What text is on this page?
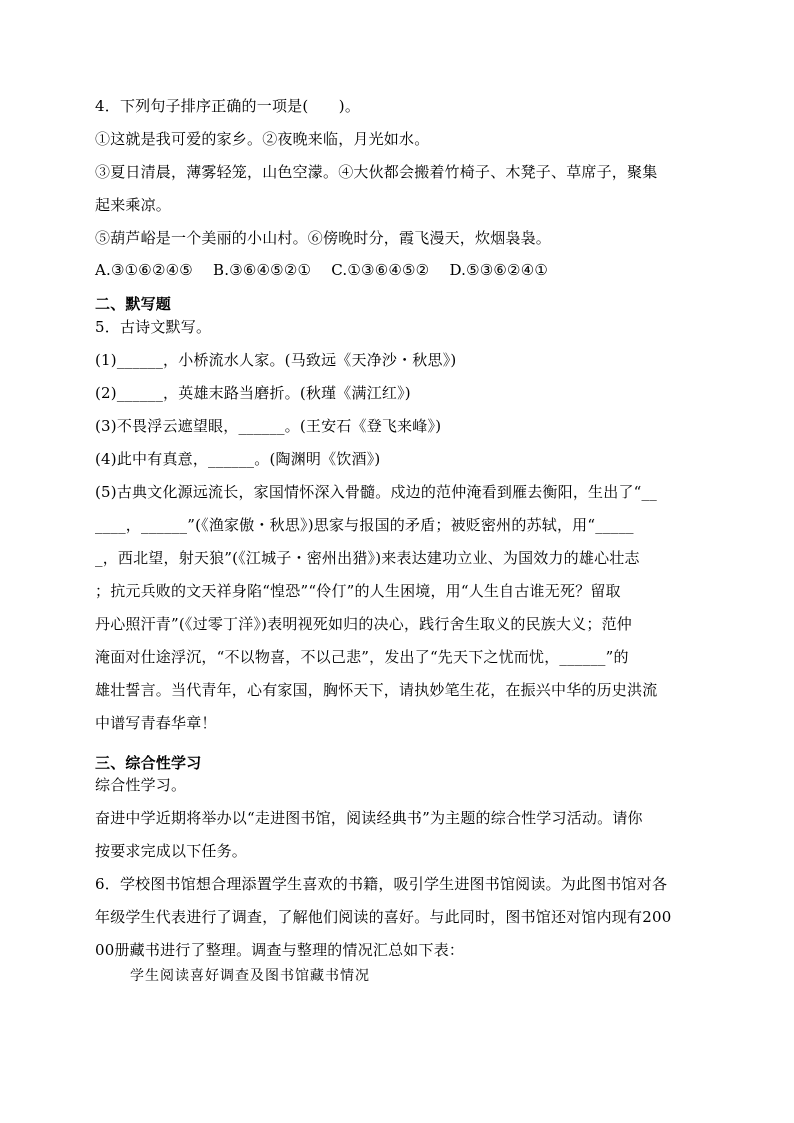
4．下列句子排序正确的一项是(　　)。
①这就是我可爱的家乡。②夜晚来临，月光如水。
③夏日清晨，薄雾轻笼，山色空濛。④大伙都会搬着竹椅子、木凳子、草席子，聚集
起来乘凉。
⑤葫芦峪是一个美丽的小山村。⑥傍晚时分，霞飞漫天，炊烟袅袅。
A.③①⑥②④⑤　 B.③⑥④⑤②①　 C.①③⑥④⑤②　 D.⑤③⑥②④①
二、默写题
5．古诗文默写。
(1)______，小桥流水人家。(马致远《天净沙・秋思》)
(2)______，英雄末路当磨折。(秋瑾《满江红》)
(3)不畏浮云遮望眼，______。(王安石《登飞来峰》)
(4)此中有真意，______。(陶渊明《饮酒》)
(5)古典文化源远流长，家国情怀深入骨髓。戍边的范仲淹看到雁去衡阳，生出了“__
____，______”(《渔家傲・秋思》)思家与报国的矛盾；被贬密州的苏轼，用“_____
_，西北望，射天狼”(《江城子・密州出猎》)来表达建功立业、为国效力的雄心壮志
；抗元兵败的文天祥身陷“惶恐”“伶仃”的人生困境，用“人生自古谁无死？留取
丹心照汗青”(《过零丁洋》)表明视死如归的决心，践行舍生取义的民族大义；范仲
淹面对仕途浮沉，“不以物喜，不以己悲”，发出了“先天下之忧而忧，______”的
雄壮誓言。当代青年，心有家国，胸怀天下，请执妙笔生花，在振兴中华的历史洪流
中谱写青春华章！
三、综合性学习
综合性学习。
奋进中学近期将举办以“走进图书馆，阅读经典书”为主题的综合性学习活动。请你
按要求完成以下任务。
6．学校图书馆想合理添置学生喜欢的书籍，吸引学生进图书馆阅读。为此图书馆对各
年级学生代表进行了调查，了解他们阅读的喜好。与此同时，图书馆还对馆内现有200
00册藏书进行了整理。调查与整理的情况汇总如下表：
学生阅读喜好调查及图书馆藏书情况
